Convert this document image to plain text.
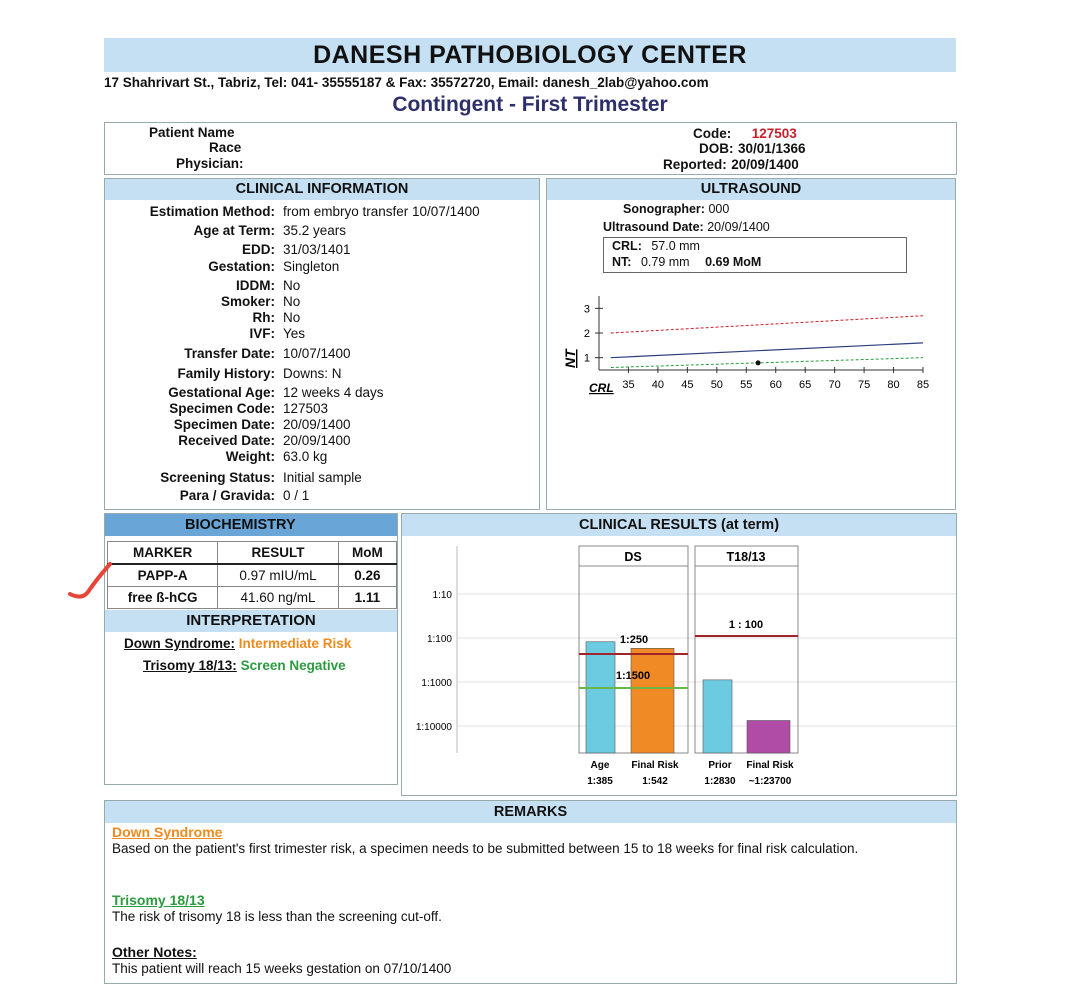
DANESH PATHOBIOLOGY CENTER
17 Shahrivart St., Tabriz, Tel: 041- 35555187 & Fax: 35572720, Email: danesh_2lab@yahoo.com
Contingent - First Trimester
Patient Name
Race
Physician:
Code: 127503
DOB: 30/01/1366
Reported: 20/09/1400
CLINICAL INFORMATION
Estimation Method: from embryo transfer 10/07/1400
Age at Term: 35.2 years
EDD: 31/03/1401
Gestation: Singleton
IDDM: No
Smoker: No
Rh: No
IVF: Yes
Transfer Date: 10/07/1400
Family History: Downs: N
Gestational Age: 12 weeks 4 days
Specimen Code: 127503
Specimen Date: 20/09/1400
Received Date: 20/09/1400
Weight: 63.0 kg
Screening Status: Initial sample
Para / Gravida: 0 / 1
ULTRASOUND
Sonographer: 000
Ultrasound Date: 20/09/1400
CRL: 57.0 mm
NT: 0.79 mm 0.69 MoM
1
2
3
35 40 45 50 55 60 65 70 75 80 85
NT
CRL
BIOCHEMISTRY
MARKER	RESULT	MoM
PAPP-A	0.97 mIU/mL	0.26
free ß-hCG	41.60 ng/mL	1.11
INTERPRETATION
Down Syndrome: Intermediate Risk
Trisomy 18/13: Screen Negative
CLINICAL RESULTS (at term)
1:10
1:100
1:1000
1:10000
DS	T18/13
1:250
1:1500
1 : 100
Age
1:385
Final Risk
1:542
Prior
1:2830
Final Risk
~1:23700
REMARKS
Down Syndrome
Based on the patient's first trimester risk, a specimen needs to be submitted between 15 to 18 weeks for final risk calculation.
Trisomy 18/13
The risk of trisomy 18 is less than the screening cut-off.
Other Notes:
This patient will reach 15 weeks gestation on 07/10/1400
